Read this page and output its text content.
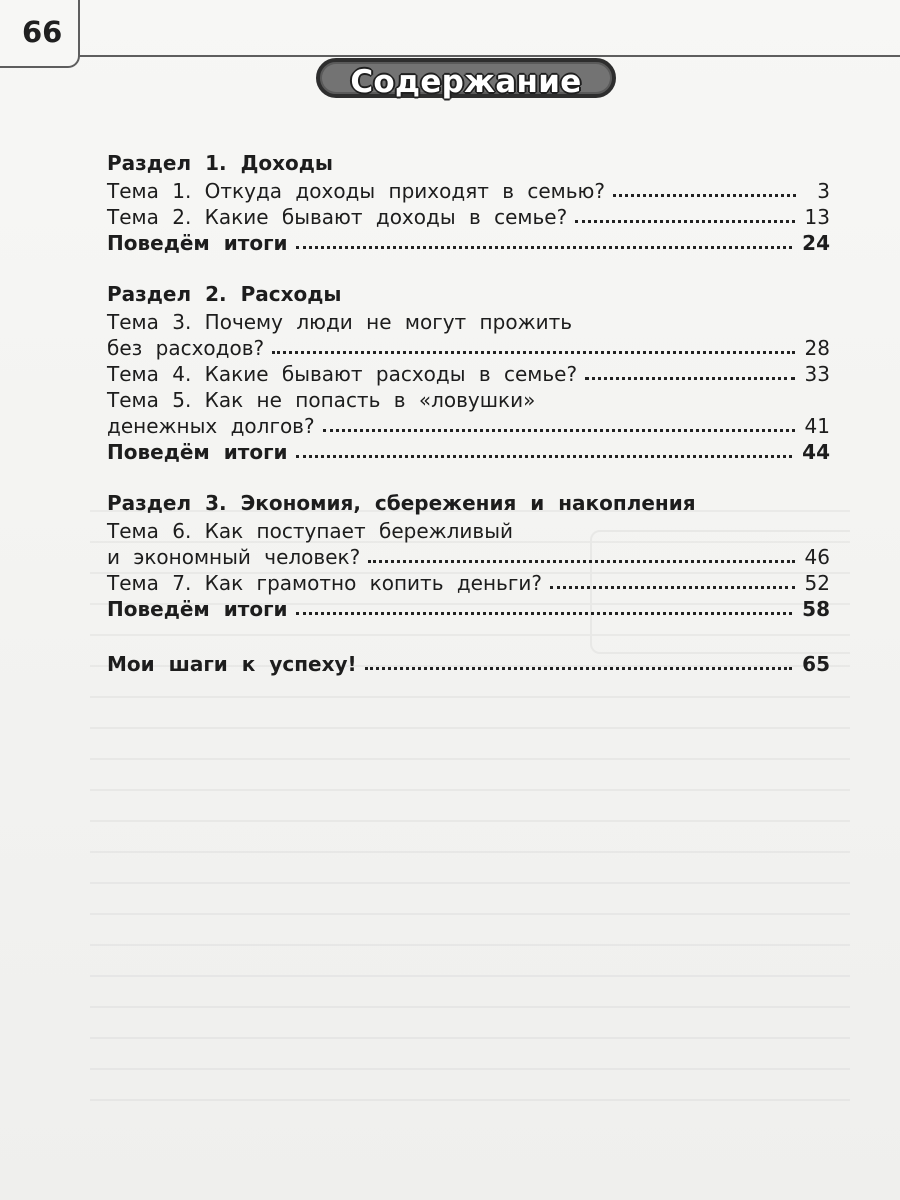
66
Содержание
Раздел 1. Доходы
Тема 1. Откуда доходы приходят в семью?	3
Тема 2. Какие бывают доходы в семье?	13
Поведём итоги	24
Раздел 2. Расходы
Тема 3. Почему люди не могут прожить
без расходов?	28
Тема 4. Какие бывают расходы в семье?	33
Тема 5. Как не попасть в «ловушки»
денежных долгов?	41
Поведём итоги	44
Раздел 3. Экономия, сбережения и накопления
Тема 6. Как поступает бережливый
и экономный человек?	46
Тема 7. Как грамотно копить деньги?	52
Поведём итоги	58
Мои шаги к успеху!	65
